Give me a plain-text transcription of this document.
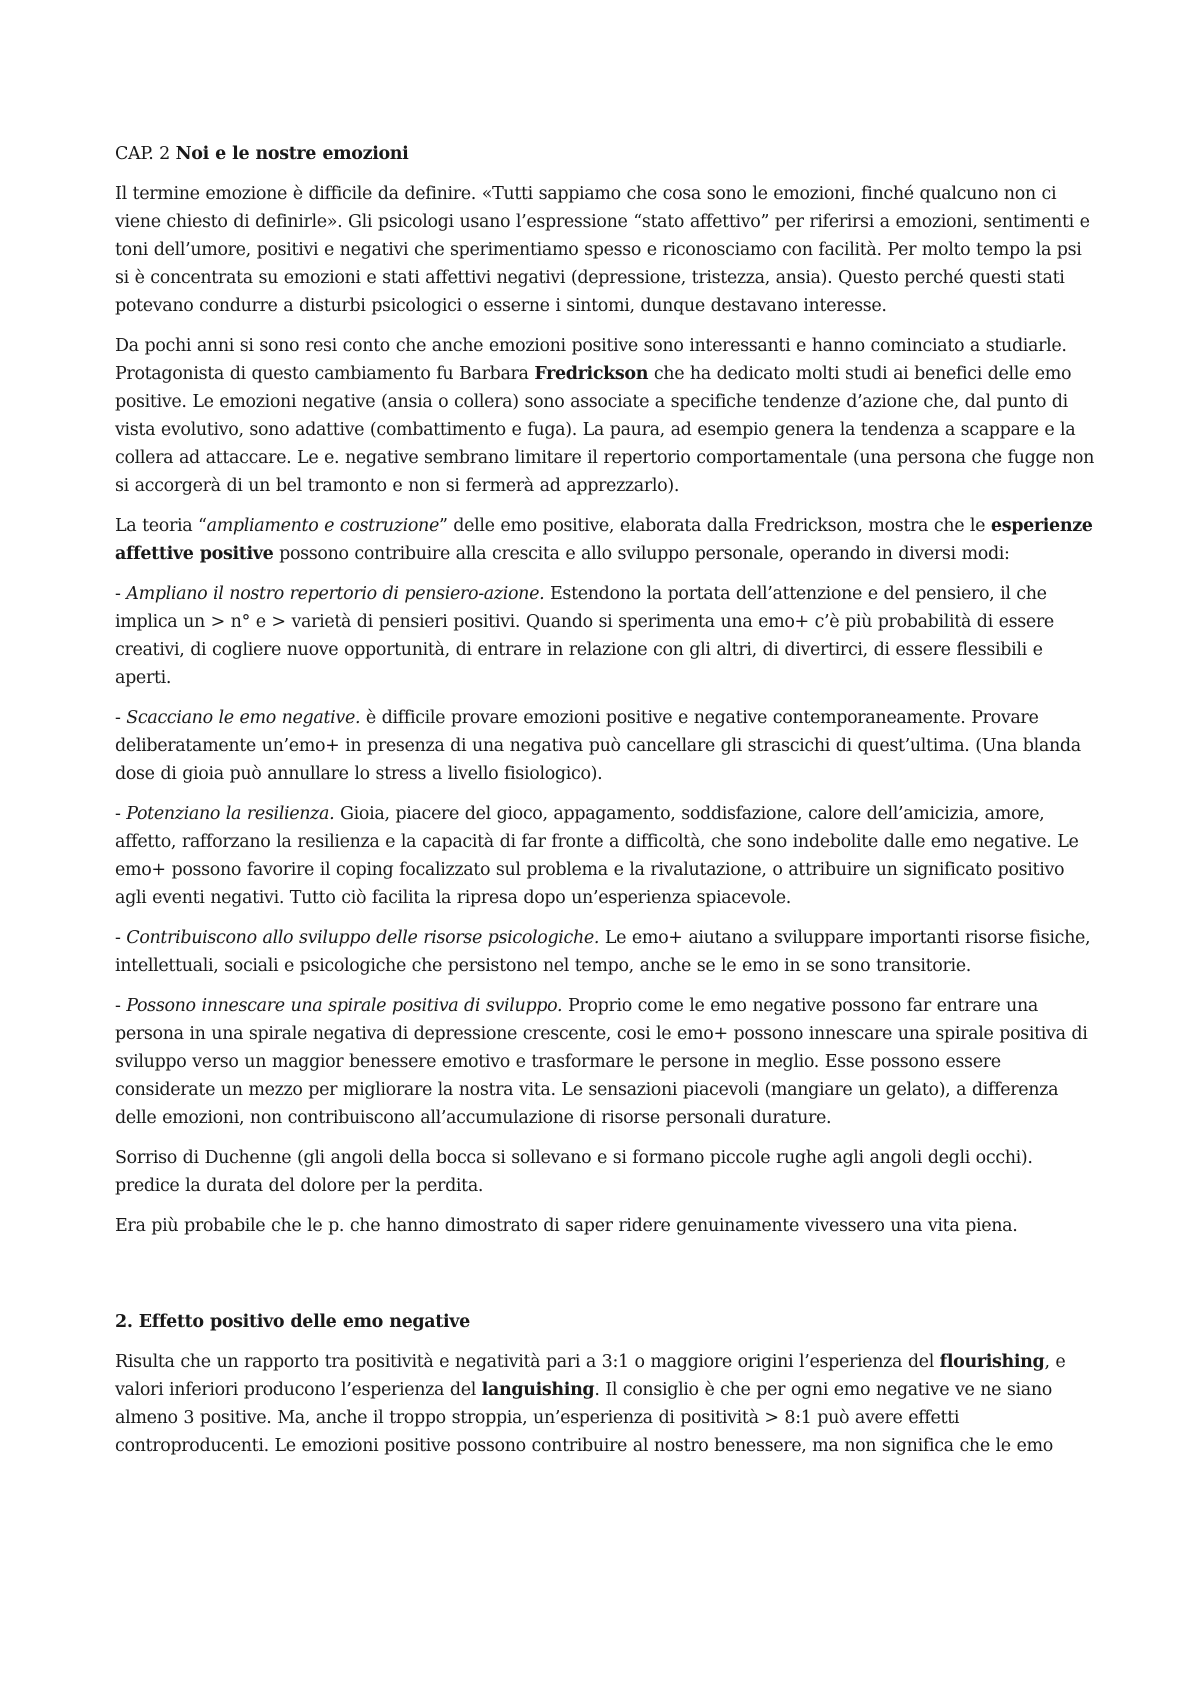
CAP. 2 Noi e le nostre emozioni

Il termine emozione è difficile da definire. «Tutti sappiamo che cosa sono le emozioni, finché qualcuno non ci viene chiesto di definirle». Gli psicologi usano l’espressione “stato affettivo” per riferirsi a emozioni, sentimenti e toni dell’umore, positivi e negativi che sperimentiamo spesso e riconosciamo con facilità. Per molto tempo la psi si è concentrata su emozioni e stati affettivi negativi (depressione, tristezza, ansia). Questo perché questi stati potevano condurre a disturbi psicologici o esserne i sintomi, dunque destavano interesse.

Da pochi anni si sono resi conto che anche emozioni positive sono interessanti e hanno cominciato a studiarle. Protagonista di questo cambiamento fu Barbara Fredrickson che ha dedicato molti studi ai benefici delle emo positive. Le emozioni negative (ansia o collera) sono associate a specifiche tendenze d’azione che, dal punto di vista evolutivo, sono adattive (combattimento e fuga). La paura, ad esempio genera la tendenza a scappare e la collera ad attaccare. Le e. negative sembrano limitare il repertorio comportamentale (una persona che fugge non si accorgerà di un bel tramonto e non si fermerà ad apprezzarlo).

La teoria “ampliamento e costruzione” delle emo positive, elaborata dalla Fredrickson, mostra che le esperienze affettive positive possono contribuire alla crescita e allo sviluppo personale, operando in diversi modi:

- Ampliano il nostro repertorio di pensiero-azione. Estendono la portata dell’attenzione e del pensiero, il che implica un > n° e > varietà di pensieri positivi. Quando si sperimenta una emo+ c’è più probabilità di essere creativi, di cogliere nuove opportunità, di entrare in relazione con gli altri, di divertirci, di essere flessibili e aperti.

- Scacciano le emo negative. è difficile provare emozioni positive e negative contemporaneamente. Provare deliberatamente un’emo+ in presenza di una negativa può cancellare gli strascichi di quest’ultima. (Una blanda dose di gioia può annullare lo stress a livello fisiologico).

- Potenziano la resilienza. Gioia, piacere del gioco, appagamento, soddisfazione, calore dell’amicizia, amore, affetto, rafforzano la resilienza e la capacità di far fronte a difficoltà, che sono indebolite dalle emo negative. Le emo+ possono favorire il coping focalizzato sul problema e la rivalutazione, o attribuire un significato positivo agli eventi negativi. Tutto ciò facilita la ripresa dopo un’esperienza spiacevole.

- Contribuiscono allo sviluppo delle risorse psicologiche. Le emo+ aiutano a sviluppare importanti risorse fisiche, intellettuali, sociali e psicologiche che persistono nel tempo, anche se le emo in se sono transitorie.

- Possono innescare una spirale positiva di sviluppo. Proprio come le emo negative possono far entrare una persona in una spirale negativa di depressione crescente, cosi le emo+ possono innescare una spirale positiva di sviluppo verso un maggior benessere emotivo e trasformare le persone in meglio. Esse possono essere considerate un mezzo per migliorare la nostra vita. Le sensazioni piacevoli (mangiare un gelato), a differenza delle emozioni, non contribuiscono all’accumulazione di risorse personali durature.

Sorriso di Duchenne (gli angoli della bocca si sollevano e si formano piccole rughe agli angoli degli occhi). predice la durata del dolore per la perdita.

Era più probabile che le p. che hanno dimostrato di saper ridere genuinamente vivessero una vita piena.

2. Effetto positivo delle emo negative

Risulta che un rapporto tra positività e negatività pari a 3:1 o maggiore origini l’esperienza del flourishing, e valori inferiori producono l’esperienza del languishing. Il consiglio è che per ogni emo negative ve ne siano almeno 3 positive. Ma, anche il troppo stroppia, un’esperienza di positività > 8:1 può avere effetti controproducenti. Le emozioni positive possono contribuire al nostro benessere, ma non significa che le emo
